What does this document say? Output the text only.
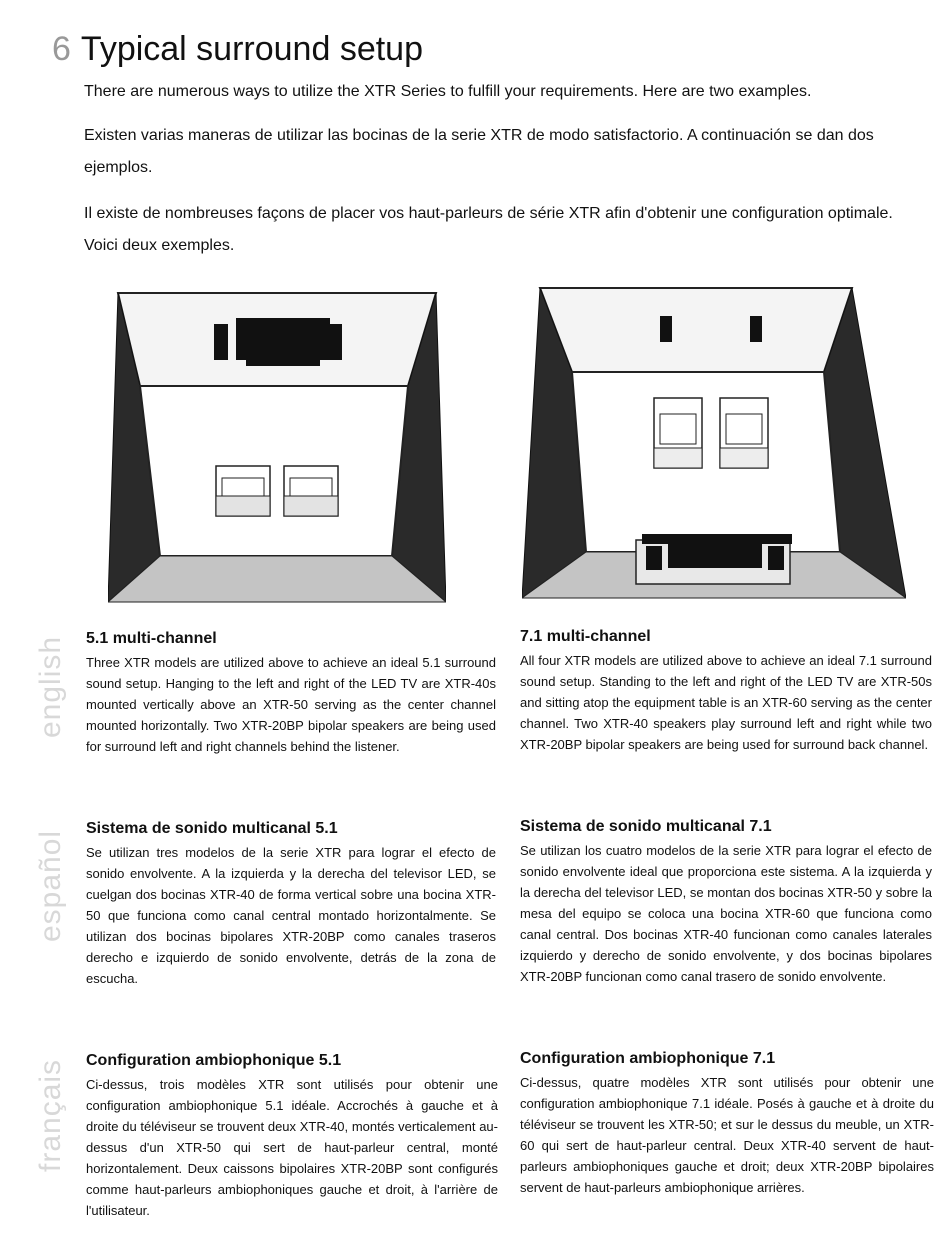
6 Typical surround setup
There are numerous ways to utilize the XTR Series to fulfill your requirements. Here are two examples.
Existen varias maneras de utilizar las bocinas de la serie XTR de modo satisfactorio. A continuación se dan dos ejemplos.
Il existe de nombreuses façons de placer vos haut-parleurs de série XTR afin d'obtenir une configuration optimale. Voici deux exemples.
english
español
français
5.1 multi-channel

Three XTR models are utilized above to achieve an ideal 5.1 surround sound setup. Hanging to the left and right of the LED TV are XTR-40s mounted vertically above an XTR-50 serving as the center channel mounted horizontally. Two XTR-20BP bipolar speakers are being used for surround left and right channels behind the listener.

7.1 multi-channel

All four XTR models are utilized above to achieve an ideal 7.1 surround sound setup. Standing to the left and right of the LED TV are XTR-50s and sitting atop the equipment table is an XTR-60 serving as the center channel. Two XTR-40 speakers play surround left and right while two XTR-20BP bipolar speakers are being used for surround back channel.

Sistema de sonido multicanal 5.1

Se utilizan tres modelos de la serie XTR para lograr el efecto de sonido envolvente. A la izquierda y la derecha del televisor LED, se cuelgan dos bocinas XTR-40 de forma vertical sobre una bocina XTR-50 que funciona como canal central montado horizontalmente. Se utilizan dos bocinas bipolares XTR-20BP como canales traseros derecho e izquierdo de sonido envolvente, detrás de la zona de escucha.

Sistema de sonido multicanal 7.1

Se utilizan los cuatro modelos de la serie XTR para lograr el efecto de sonido envolvente ideal que proporciona este sistema. A la izquierda y la derecha del televisor LED, se montan dos bocinas XTR-50 y sobre la mesa del equipo se coloca una bocina XTR-60 que funciona como canal central. Dos bocinas XTR-40 funcionan como canales laterales izquierdo y derecho de sonido envolvente, y dos bocinas bipolares XTR-20BP funcionan como canal trasero de sonido envolvente.

Configuration ambiophonique 5.1

Ci-dessus, trois modèles XTR sont utilisés pour obtenir une configuration ambiophonique 5.1 idéale. Accrochés à gauche et à droite du téléviseur se trouvent deux XTR-40, montés verticalement au-dessus d'un XTR-50 qui sert de haut-parleur central, monté horizontalement. Deux caissons bipolaires XTR-20BP sont configurés comme haut-parleurs ambiophoniques gauche et droit, à l'arrière de l'utilisateur.

Configuration ambiophonique 7.1

Ci-dessus, quatre modèles XTR sont utilisés pour obtenir une configuration ambiophonique 7.1 idéale. Posés à gauche et à droite du téléviseur se trouvent les XTR-50; et sur le dessus du meuble, un XTR-60 qui sert de haut-parleur central. Deux XTR-40 servent de haut-parleurs ambiophoniques gauche et droit; deux XTR-20BP bipolaires servent de haut-parleurs ambiophonique arrières.
